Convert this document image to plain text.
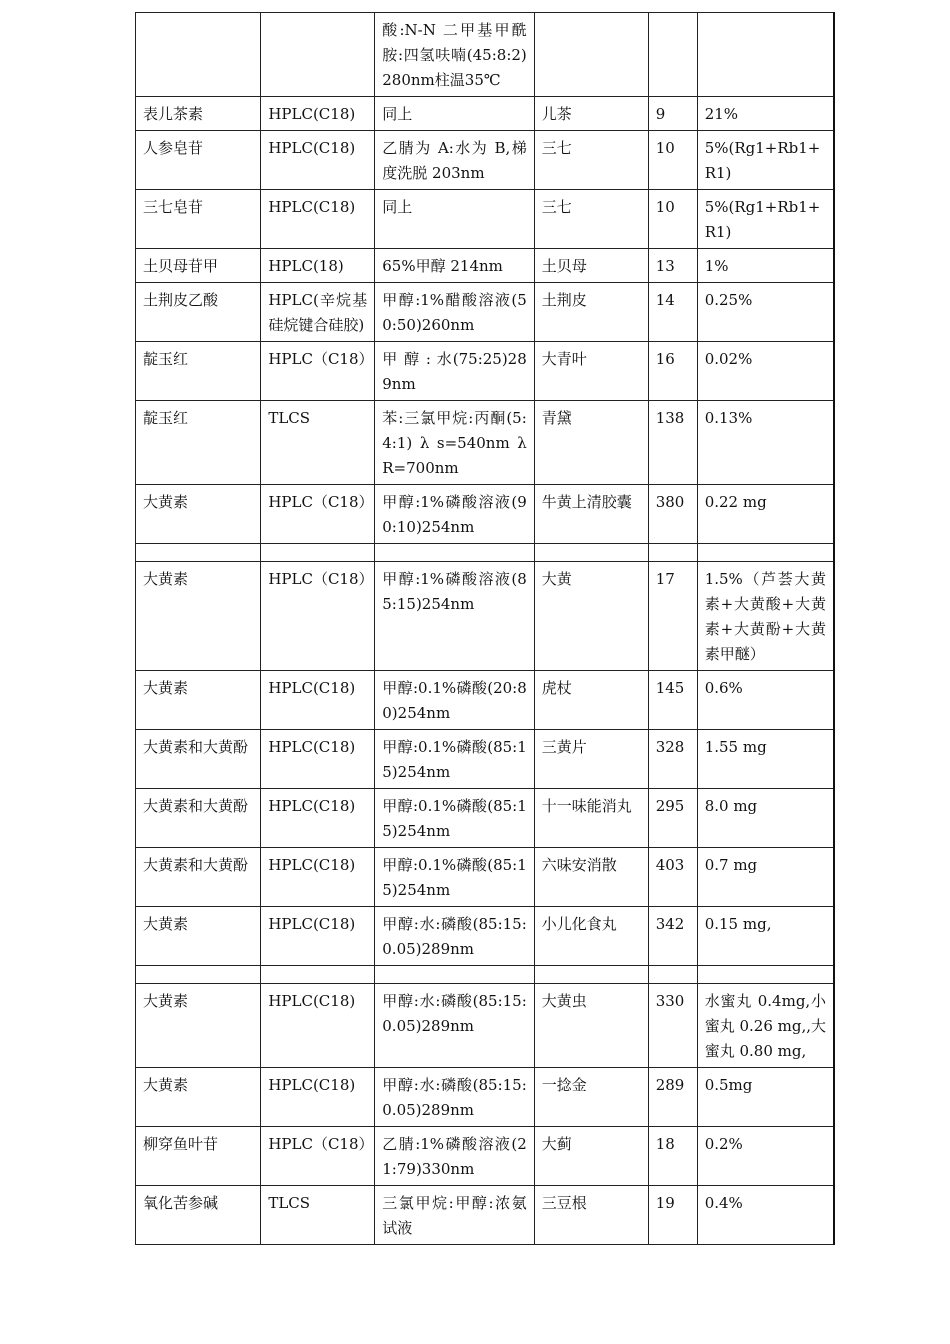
		酸:N-N 二甲基甲酰胺:四氢呋喃(45:8:2)280nm柱温35℃			
表儿茶素	HPLC(C18)	同上	儿茶	9	21%
人参皂苷	HPLC(C18)	乙腈为 A:水为 B,梯度洗脱 203nm	三七	10	5%(Rg1+Rb1+R1)
三七皂苷	HPLC(C18)	同上	三七	10	5%(Rg1+Rb1+R1)
土贝母苷甲	HPLC(18)	65%甲醇 214nm	土贝母	13	1%
土荆皮乙酸	HPLC(辛烷基硅烷键合硅胶)	甲醇:1%醋酸溶液(50:50)260nm	土荆皮	14	0.25%
靛玉红	HPLC（C18）	甲 醇 : 水(75:25)289nm	大青叶	16	0.02%
靛玉红	TLCS	苯:三氯甲烷:丙酮(5:4:1) λ s=540nm λ R=700nm	青黛	138	0.13%
大黄素	HPLC（C18）	甲醇:1%磷酸溶液(90:10)254nm	牛黄上清胶囊	380	0.22 mg

大黄素	HPLC（C18）	甲醇:1%磷酸溶液(85:15)254nm	大黄	17	1.5%（芦荟大黄素+大黄酸+大黄素+大黄酚+大黄素甲醚）
大黄素	HPLC(C18)	甲醇:0.1%磷酸(20:80)254nm	虎杖	145	0.6%
大黄素和大黄酚	HPLC(C18)	甲醇:0.1%磷酸(85:15)254nm	三黄片	328	1.55 mg
大黄素和大黄酚	HPLC(C18)	甲醇:0.1%磷酸(85:15)254nm	十一味能消丸	295	8.0 mg
大黄素和大黄酚	HPLC(C18)	甲醇:0.1%磷酸(85:15)254nm	六味安消散	403	0.7 mg
大黄素	HPLC(C18)	甲醇:水:磷酸(85:15:0.05)289nm	小儿化食丸	342	0.15 mg,

大黄素	HPLC(C18)	甲醇:水:磷酸(85:15:0.05)289nm	大黄虫	330	水蜜丸 0.4mg,小蜜丸 0.26 mg,,大蜜丸 0.80 mg,
大黄素	HPLC(C18)	甲醇:水:磷酸(85:15:0.05)289nm	一捻金	289	0.5mg
柳穿鱼叶苷	HPLC（C18）	乙腈:1%磷酸溶液(21:79)330nm	大蓟	18	0.2%
氧化苦参碱	TLCS	三氯甲烷:甲醇:浓氨试液	三豆根	19	0.4%
